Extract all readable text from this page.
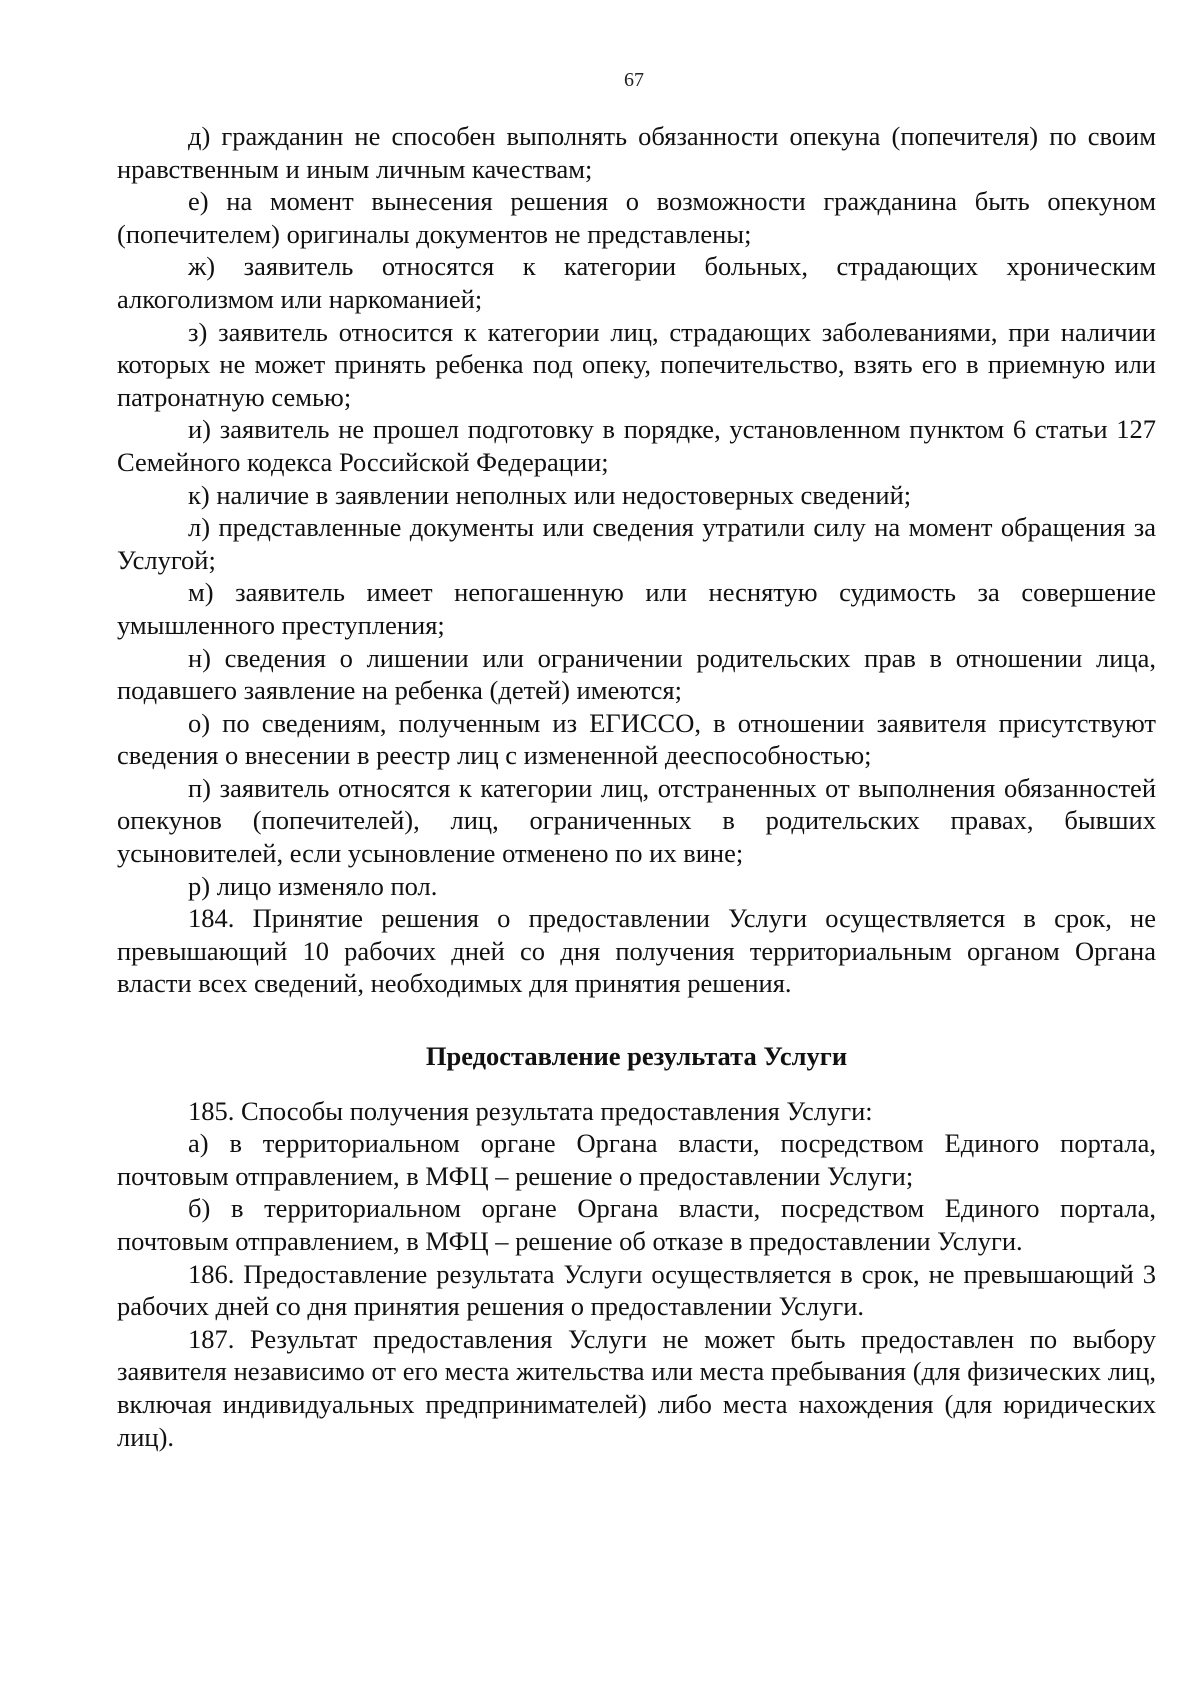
67

д) гражданин не способен выполнять обязанности опекуна (попечителя) по своим нравственным и иным личным качествам;

е) на момент вынесения решения о возможности гражданина быть опекуном (попечителем) оригиналы документов не представлены;

ж) заявитель относятся к категории больных, страдающих хроническим алкоголизмом или наркоманией;

з) заявитель относится к категории лиц, страдающих заболеваниями, при наличии которых не может принять ребенка под опеку, попечительство, взять его в приемную или патронатную семью;

и) заявитель не прошел подготовку в порядке, установленном пунктом 6 статьи 127 Семейного кодекса Российской Федерации;

к) наличие в заявлении неполных или недостоверных сведений;

л) представленные документы или сведения утратили силу на момент обращения за Услугой;

м) заявитель имеет непогашенную или неснятую судимость за совершение умышленного преступления;

н) сведения о лишении или ограничении родительских прав в отношении лица, подавшего заявление на ребенка (детей) имеются;

о) по сведениям, полученным из ЕГИССО, в отношении заявителя присутствуют сведения о внесении в реестр лиц с измененной дееспособностью;

п) заявитель относятся к категории лиц, отстраненных от выполнения обязанностей опекунов (попечителей), лиц, ограниченных в родительских правах, бывших усыновителей, если усыновление отменено по их вине;

р) лицо изменяло пол.

184. Принятие решения о предоставлении Услуги осуществляется в срок, не превышающий 10 рабочих дней со дня получения территориальным органом Органа власти всех сведений, необходимых для принятия решения.

Предоставление результата Услуги

185. Способы получения результата предоставления Услуги:

а) в территориальном органе Органа власти, посредством Единого портала, почтовым отправлением, в МФЦ – решение о предоставлении Услуги;

б) в территориальном органе Органа власти, посредством Единого портала, почтовым отправлением, в МФЦ – решение об отказе в предоставлении Услуги.

186. Предоставление результата Услуги осуществляется в срок, не превышающий 3 рабочих дней со дня принятия решения о предоставлении Услуги.

187. Результат предоставления Услуги не может быть предоставлен по выбору заявителя независимо от его места жительства или места пребывания (для физических лиц, включая индивидуальных предпринимателей) либо места нахождения (для юридических лиц).
